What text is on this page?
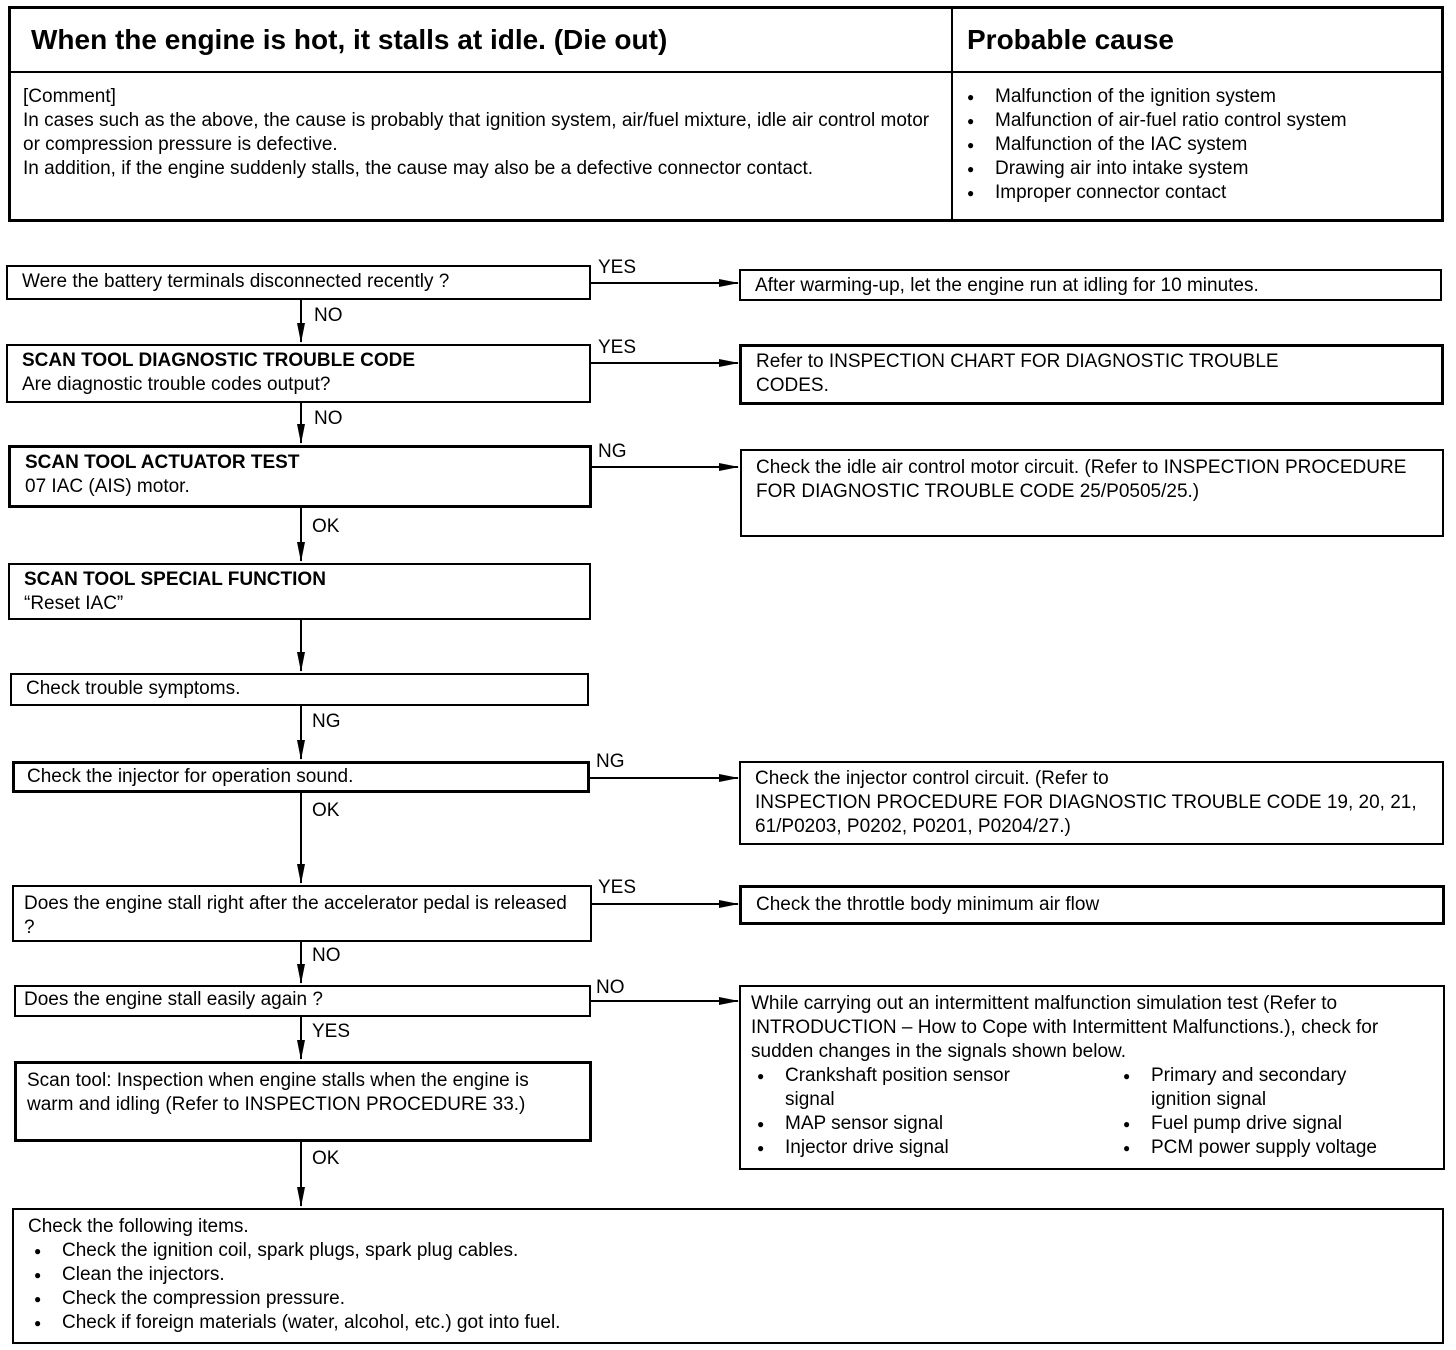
When the engine is hot, it stalls at idle. (Die out)	Probable cause
[Comment]
In cases such as the above, the cause is probably that ignition system, air/fuel mixture, idle air control motor or compression pressure is defective.
In addition, if the engine suddenly stalls, the cause may also be a defective connector contact.
● Malfunction of the ignition system
● Malfunction of air-fuel ratio control system
● Malfunction of the IAC system
● Drawing air into intake system
● Improper connector contact
Were the battery terminals disconnected recently ?
YES
After warming-up, let the engine run at idling for 10 minutes.
NO
SCAN TOOL DIAGNOSTIC TROUBLE CODE
Are diagnostic trouble codes output?
YES
Refer to INSPECTION CHART FOR DIAGNOSTIC TROUBLE CODES.
NO
SCAN TOOL ACTUATOR TEST
07 IAC (AIS) motor.
NG
Check the idle air control motor circuit. (Refer to INSPECTION PROCEDURE FOR DIAGNOSTIC TROUBLE CODE 25/P0505/25.)
OK
SCAN TOOL SPECIAL FUNCTION
“Reset IAC”
Check trouble symptoms.
NG
Check the injector for operation sound.
NG
Check the injector control circuit. (Refer to
INSPECTION PROCEDURE FOR DIAGNOSTIC TROUBLE CODE 19, 20, 21, 61/P0203, P0202, P0201, P0204/27.)
OK
Does the engine stall right after the accelerator pedal is released ?
YES
Check the throttle body minimum air flow
NO
Does the engine stall easily again ?
NO
While carrying out an intermittent malfunction simulation test (Refer to INTRODUCTION – How to Cope with Intermittent Malfunctions.), check for sudden changes in the signals shown below.
● Crankshaft position sensor signal
● MAP sensor signal
● Injector drive signal
● Primary and secondary ignition signal
● Fuel pump drive signal
● PCM power supply voltage
YES
Scan tool: Inspection when engine stalls when the engine is warm and idling (Refer to INSPECTION PROCEDURE 33.)
OK
Check the following items.
● Check the ignition coil, spark plugs, spark plug cables.
● Clean the injectors.
● Check the compression pressure.
● Check if foreign materials (water, alcohol, etc.) got into fuel.
